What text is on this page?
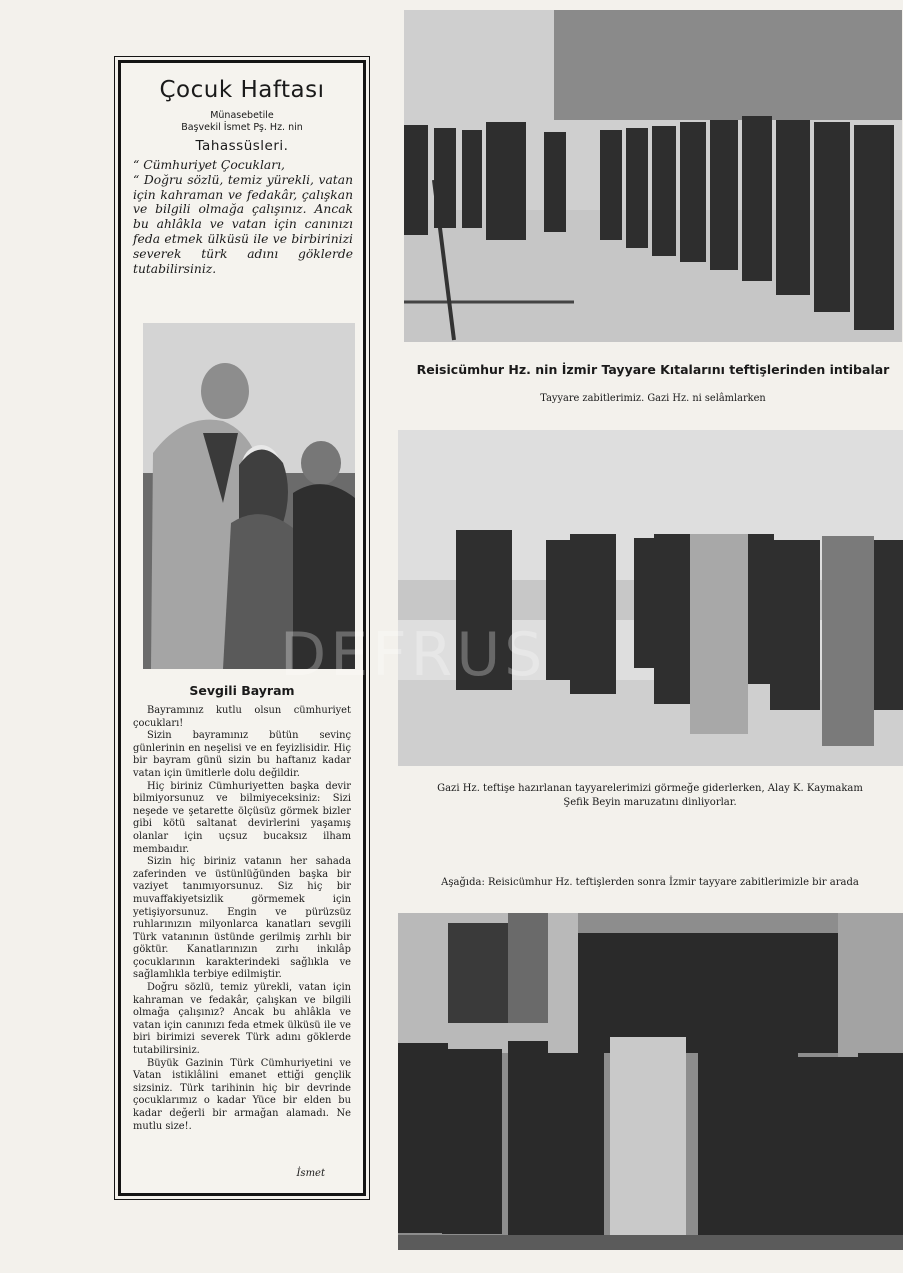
Çocuk Haftası
Münasebetile
Başvekil İsmet Pş. Hz. nin
Tahassüsleri.

“ Cümhuriyet Çocukları,

“ Doğru sözlü, temiz yürekli, vatan için kahraman ve fedakâr, çalışkan ve bilgili olmağa çalışınız. Ancak bu ahlâkla ve vatan için canınızı feda etmek ülküsü ile ve birbirinizi severek türk adını göklerde tutabilirsiniz.

Sevgili Bayram

Bayramınız kutlu olsun cümhuriyet çocukları!

Sizin bayramınız bütün sevinç günlerinin en neşelisi ve en feyizlisidir. Hiç bir bayram günü sizin bu haftanız kadar vatan için ümitlerle dolu değildir.

Hiç biriniz Cümhuriyetten başka devir bilmiyorsunuz ve bilmiyeceksiniz: Sizi neşede ve şetarette ölçüsüz görmek bizler gibi kötü saltanat devirlerini yaşamış olanlar için uçsuz bucaksız ilham membaıdır.

Sizin hiç biriniz vatanın her sahada zaferinden ve üstünlüğünden başka bir vaziyet tanımıyorsunuz. Siz hiç bir muvaffakiyetsizlik görmemek için yetişiyorsunuz. Engin ve pürüzsüz ruhlarınızın milyonlarca kanatları sevgili Türk vatanının üstünde gerilmiş zırhlı bir göktür. Kanatlarınızın zırhı inkılâp çocuklarının karakterindeki sağlıkla ve sağlamlıkla terbiye edilmiştir.

Doğru sözlü, temiz yürekli, vatan için kahraman ve fedakâr, çalışkan ve bilgili olmağa çalışınız? Ancak bu ahlâkla ve vatan için canınızı feda etmek ülküsü ile ve biri birimizi severek Türk adını göklerde tutabilirsiniz.

Büyük Gazinin Türk Cümhuriyetini ve Vatan istiklâlini emanet ettiği gençlik sizsiniz. Türk tarihinin hiç bir devrinde çocuklarımız o kadar Yüce bir elden bu kadar değerli bir armağan alamadı. Ne mutlu size!.

İsmet
Reisicümhur Hz. nin İzmir Tayyare Kıtalarını teftişlerinden intibalar
Tayyare zabitlerimiz. Gazi Hz. ni selâmlarken
Gazi Hz. teftişe hazırlanan tayyarelerimizi görmeğe giderlerken, Alay K. Kaymakam
Şefik Beyin maruzatını dinliyorlar.
Aşağıda: Reisicümhur Hz. teftişlerden sonra İzmir tayyare zabitlerimizle bir arada
DEFRUS
